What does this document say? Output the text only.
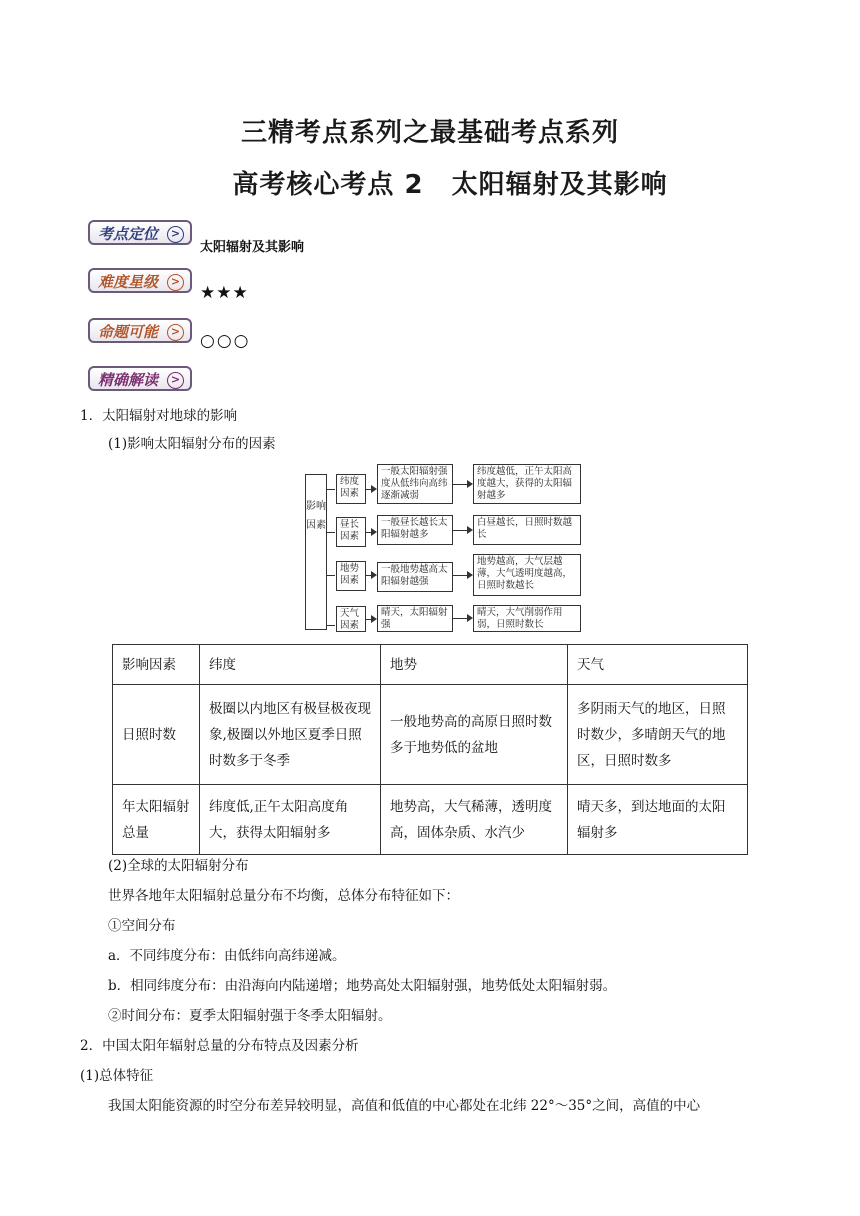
三精考点系列之最基础考点系列
高考核心考点 2 太阳辐射及其影响
考点定位	>
太阳辐射及其影响
难度星级	>
★★★
命题可能	> ○○○
精确解读	>
1．太阳辐射对地球的影响
(1)影响太阳辐射分布的因素
影响因素
纬度因素
一般太阳辐射强度从低纬向高纬逐渐减弱
纬度越低，正午太阳高度越大，获得的太阳辐射越多
昼长因素
一般昼长越长太阳辐射越多
白昼越长，日照时数越长
地势因素
一般地势越高太阳辐射越强
地势越高，大气层越薄，大气透明度越高，日照时数越长
天气因素
晴天，太阳辐射强
晴天，大气削弱作用弱，日照时数长
影响因素	纬度	地势	天气
日照时数	极圈以内地区有极昼极夜现象,极圈以外地区夏季日照时数多于冬季	一般地势高的高原日照时数多于地势低的盆地	多阴雨天气的地区，日照时数少，多晴朗天气的地区，日照时数多
年太阳辐射总量	纬度低,正午太阳高度角大，获得太阳辐射多	地势高，大气稀薄，透明度高，固体杂质、水汽少	晴天多，到达地面的太阳辐射多
(2)全球的太阳辐射分布
世界各地年太阳辐射总量分布不均衡，总体分布特征如下：
①空间分布
a．不同纬度分布：由低纬向高纬递减。
b．相同纬度分布：由沿海向内陆递增；地势高处太阳辐射强，地势低处太阳辐射弱。
②时间分布：夏季太阳辐射强于冬季太阳辐射。
2．中国太阳年辐射总量的分布特点及因素分析
(1)总体特征
我国太阳能资源的时空分布差异较明显，高值和低值的中心都处在北纬 22°～35°之间，高值的中心
